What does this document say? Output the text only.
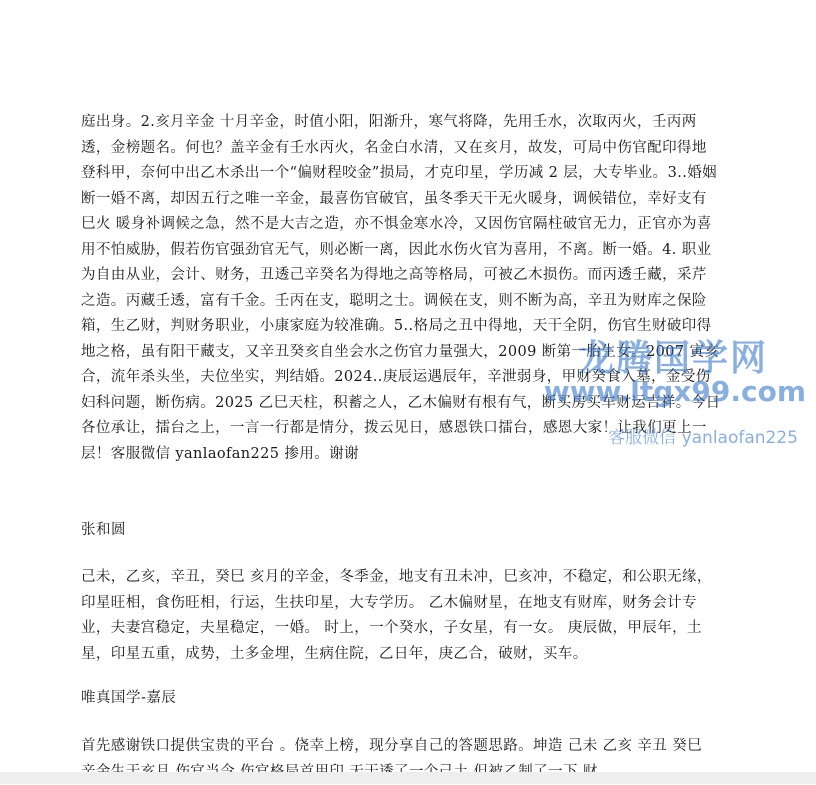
庭出身。2.亥月辛金 十月辛金，时值小阳，阳渐升，寒气将降，先用壬水，次取丙火，壬丙两透，金榜题名。何也？盖辛金有壬水丙火，名金白水清，又在亥月，故发，可局中伤官配印得地登科甲，奈何中出乙木杀出一个“偏财程咬金”损局，才克印星，学历减 2 层，大专毕业。3..婚姻断一婚不离，却因五行之唯一辛金，最喜伤官破官，虽冬季天干无火暖身，调候错位，幸好支有巳火 暖身补调候之急，然不是大吉之造，亦不惧金寒水冷，又因伤官隔柱破官无力，正官亦为喜用不怕威胁，假若伤官强劲官无气，则必断一离，因此水伤火官为喜用，不离。断一婚。4. 职业为自由从业，会计、财务，丑透己辛癸名为得地之高等格局，可被乙木损伤。而丙透壬藏，采芹之造。丙藏壬透，富有千金。壬丙在支，聪明之士。调候在支，则不断为高，辛丑为财库之保险箱，生乙财，判财务职业，小康家庭为较准确。5..格局之丑中得地，天干全阴，伤官生财破印得地之格，虽有阳干藏支，又辛丑癸亥自坐会水之伤官力量强大，2009 断第一胎生女。2007 寅亥合，流年杀头坐，夫位坐实，判结婚。2024..庚辰运遇辰年，辛泄弱身，甲财癸食入墓，金受伤妇科问题，断伤病。2025 乙巳天柱，积蓄之人，乙木偏财有根有气，断买房买车财运吉祥。今日各位承让，擂台之上，一言一行都是情分，拨云见日，感恩铁口擂台，感恩大家！让我们更上一层！客服微信 yanlaofan225 掺用。谢谢

张和圆

己未，乙亥，辛丑，癸巳 亥月的辛金，冬季金，地支有丑未冲，巳亥冲，不稳定，和公职无缘，印星旺相，食伤旺相，行运，生扶印星，大专学历。 乙木偏财星，在地支有财库，财务会计专业，夫妻宫稳定，夫星稳定，一婚。 时上，一个癸水，子女星，有一女。 庚辰做，甲辰年，土星，印星五重，成势，土多金埋，生病住院，乙日年，庚乙合，破财，买车。

唯真国学-嘉辰

首先感谢铁口提供宝贵的平台 。侥幸上榜，现分享自己的答题思路。坤造 己未 乙亥 辛丑 癸巳

龙腾国学网
www.ltgx99.com
客服微信 yanlaofan225
